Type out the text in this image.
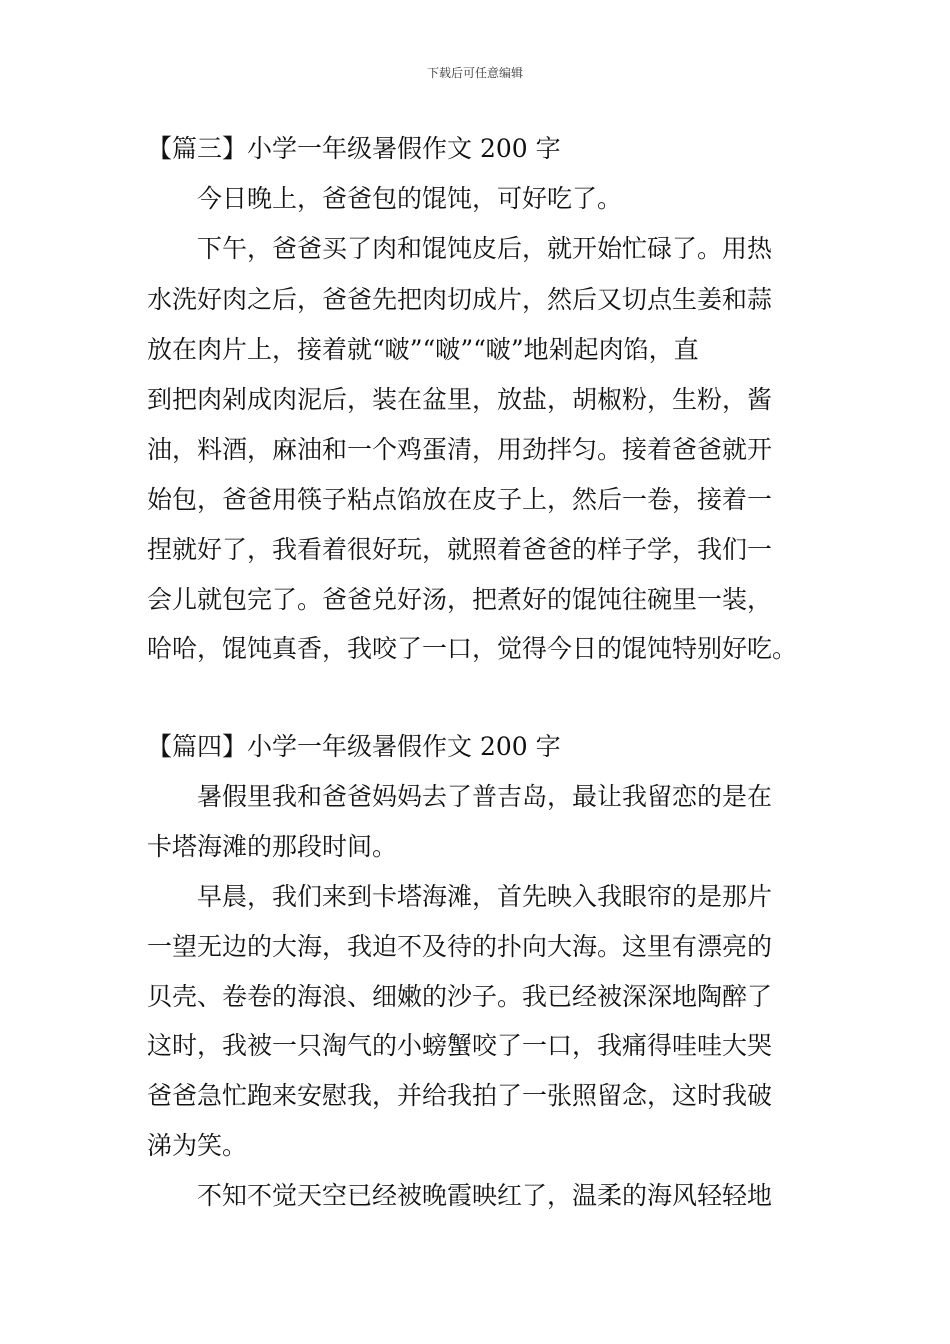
下载后可任意编辑
【篇三】小学一年级暑假作文 200 字
今日晚上，爸爸包的馄饨，可好吃了。
下午，爸爸买了肉和馄饨皮后，就开始忙碌了。用热
水洗好肉之后，爸爸先把肉切成片，然后又切点生姜和蒜
放在肉片上，接着就“啵”“啵”“啵”地剁起肉馅，直
到把肉剁成肉泥后，装在盆里，放盐，胡椒粉，生粉，酱
油，料酒，麻油和一个鸡蛋清，用劲拌匀。接着爸爸就开
始包，爸爸用筷子粘点馅放在皮子上，然后一卷，接着一
捏就好了，我看着很好玩，就照着爸爸的样子学，我们一
会儿就包完了。爸爸兑好汤，把煮好的馄饨往碗里一装，
哈哈，馄饨真香，我咬了一口，觉得今日的馄饨特别好吃。
【篇四】小学一年级暑假作文 200 字
暑假里我和爸爸妈妈去了普吉岛，最让我留恋的是在
卡塔海滩的那段时间。
早晨，我们来到卡塔海滩，首先映入我眼帘的是那片
一望无边的大海，我迫不及待的扑向大海。这里有漂亮的
贝壳、卷卷的海浪、细嫩的沙子。我已经被深深地陶醉了
这时，我被一只淘气的小螃蟹咬了一口，我痛得哇哇大哭
爸爸急忙跑来安慰我，并给我拍了一张照留念，这时我破
涕为笑。
不知不觉天空已经被晚霞映红了，温柔的海风轻轻地
